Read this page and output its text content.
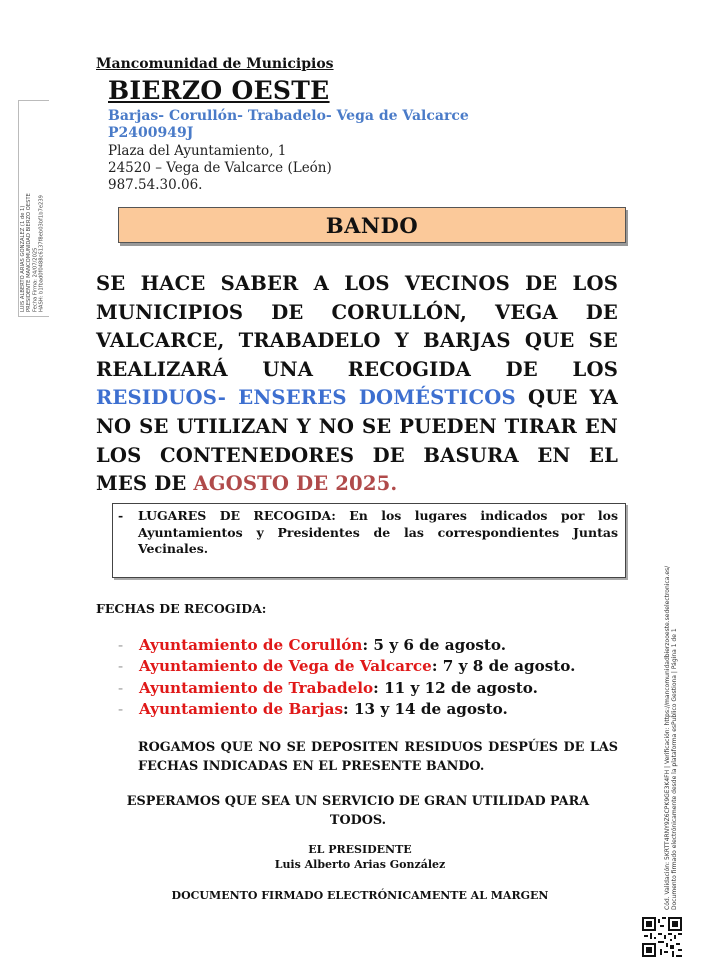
Mancomunidad de Municipios
BIERZO OESTE
Barjas- Corullón- Trabadelo- Vega de Valcarce
P2400949J
Plaza del Ayuntamiento, 1
24520 – Vega de Valcarce (León)
987.54.30.06.
BANDO
SE HACE SABER A LOS VECINOS DE LOS MUNICIPIOS DE CORULLÓN, VEGA DE VALCARCE, TRABADELO Y BARJAS QUE SE REALIZARÁ UNA RECOGIDA DE LOS RESIDUOS- ENSERES DOMÉSTICOS QUE YA NO SE UTILIZAN Y NO SE PUEDEN TIRAR EN LOS CONTENEDORES DE BASURA EN EL MES DE AGOSTO DE 2025.
- LUGARES DE RECOGIDA: En los lugares indicados por los Ayuntamientos y Presidentes de las correspondientes Juntas Vecinales.
FECHAS DE RECOGIDA:
- Ayuntamiento de Corullón: 5 y 6 de agosto.
- Ayuntamiento de Vega de Valcarce: 7 y 8 de agosto.
- Ayuntamiento de Trabadelo: 11 y 12 de agosto.
- Ayuntamiento de Barjas: 13 y 14 de agosto.
ROGAMOS QUE NO SE DEPOSITEN RESIDUOS DESPÚES DE LAS FECHAS INDICADAS EN EL PRESENTE BANDO.
ESPERAMOS QUE SEA UN SERVICIO DE GRAN UTILIDAD PARA TODOS.
EL PRESIDENTE
Luis Alberto Arias González
DOCUMENTO FIRMADO ELECTRÓNICAMENTE AL MARGEN
LUIS ALBERTO ARIAS GONZALEZ (1 de 1) PRESIDENTE MANCOMUNIDAD BIERZO OESTE Fecha Firma: 24/07/2025 HASH: b1fbad0f0488c6137f8eb03bf1b7e239
Cód. Validación: 5KRTT4RNY9Z6CPK9GE3K4FH | Verificación: https://mancomunidadbierzooeste.sedelectronica.es/ Documento firmado electrónicamente desde la plataforma esPublico Gestiona | Página 1 de 1
